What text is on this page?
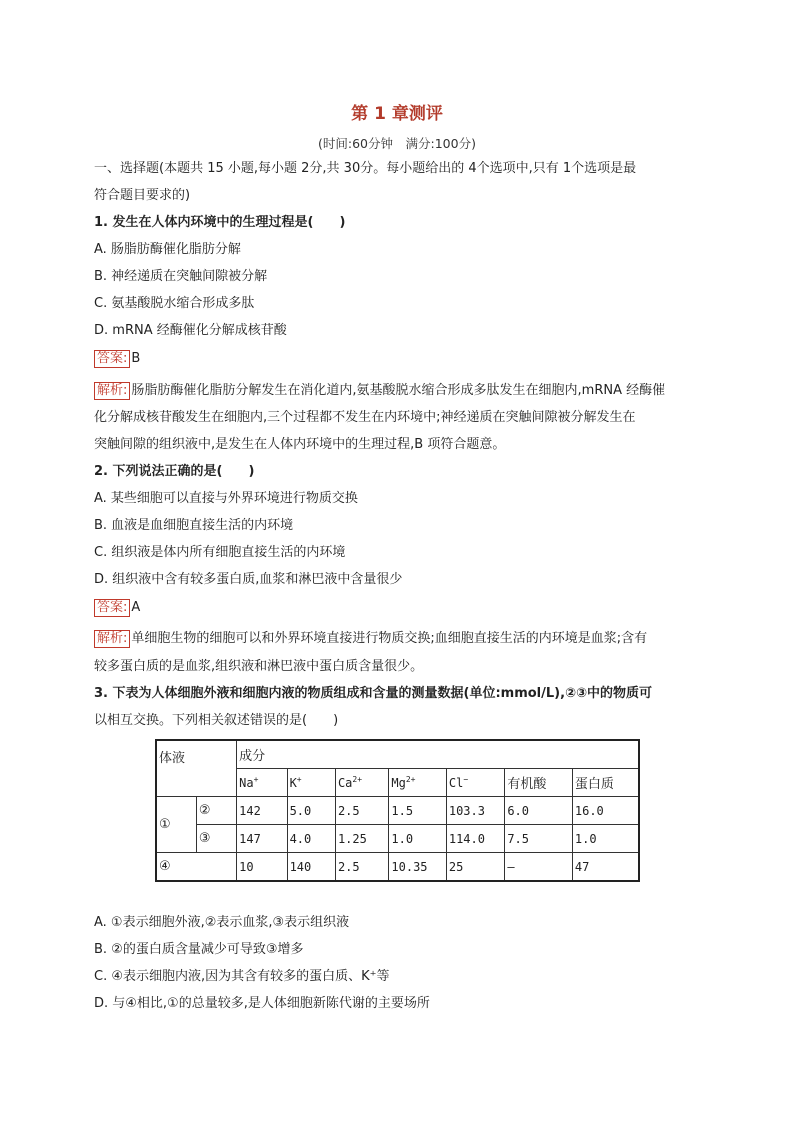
第 1 章测评
(时间:60分钟　满分:100分)
一、选择题(本题共 15 小题,每小题 2分,共 30分。每小题给出的 4个选项中,只有 1个选项是最
符合题目要求的)
1. 发生在人体内环境中的生理过程是(　　)
A. 肠脂肪酶催化脂肪分解
B. 神经递质在突触间隙被分解
C. 氨基酸脱水缩合形成多肽
D. mRNA 经酶催化分解成核苷酸
答案: B
解析: 肠脂肪酶催化脂肪分解发生在消化道内,氨基酸脱水缩合形成多肽发生在细胞内,mRNA 经酶催
化分解成核苷酸发生在细胞内,三个过程都不发生在内环境中;神经递质在突触间隙被分解发生在
突触间隙的组织液中,是发生在人体内环境中的生理过程,B 项符合题意。
2. 下列说法正确的是(　　)
A. 某些细胞可以直接与外界环境进行物质交换
B. 血液是血细胞直接生活的内环境
C. 组织液是体内所有细胞直接生活的内环境
D. 组织液中含有较多蛋白质,血浆和淋巴液中含量很少
答案: A
解析: 单细胞生物的细胞可以和外界环境直接进行物质交换;血细胞直接生活的内环境是血浆;含有
较多蛋白质的是血浆,组织液和淋巴液中蛋白质含量很少。
3. 下表为人体细胞外液和细胞内液的物质组成和含量的测量数据(单位:mmol/L),②③中的物质可
以相互交换。下列相关叙述错误的是(　　)
体液		成分						
		Na+	K+	$Ca^{2+}$	$Mg^{2+}$	Cl−	有机酸	蛋白质
①	②	142	5.0	2.5	1.5	103.3	6.0	16.0
	③	147	4.0	1.25	1.0	114.0	7.5	1.0
④		10	140	2.5	10.35	25	—	47
A. ①表示细胞外液,②表示血浆,③表示组织液
B. ②的蛋白质含量减少可导致③增多
C. ④表示细胞内液,因为其含有较多的蛋白质、K⁺等
D. 与④相比,①的总量较多,是人体细胞新陈代谢的主要场所
